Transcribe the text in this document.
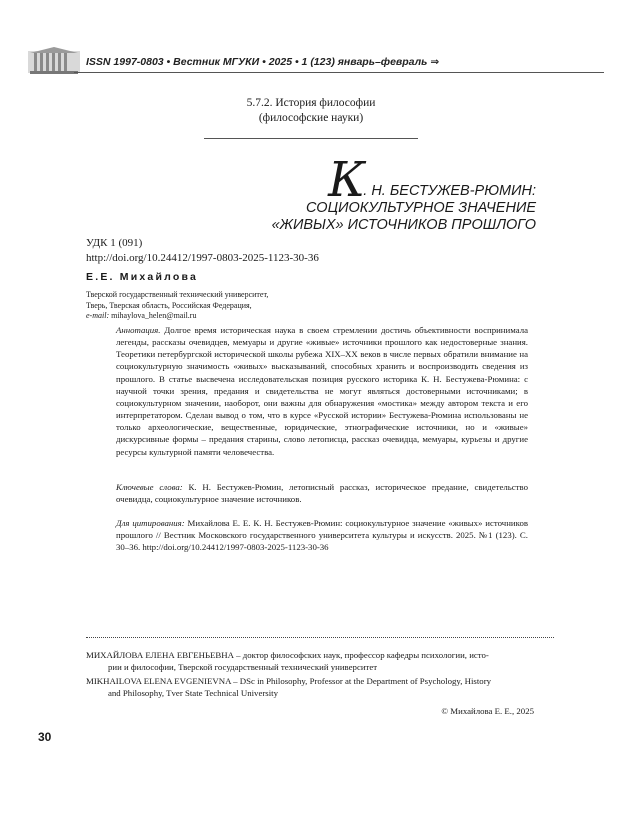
ISSN 1997-0803 • Вестник МГУКИ • 2025 • 1 (123) январь–февраль ⇒
5.7.2. История философии
(философские науки)
К. Н. БЕСТУЖЕВ-РЮМИН:
СОЦИОКУЛЬТУРНОЕ ЗНАЧЕНИЕ
«ЖИВЫХ» ИСТОЧНИКОВ ПРОШЛОГО
УДК 1 (091)
http://doi.org/10.24412/1997-0803-2025-1123-30-36
Е.Е. Михайлова
Тверской государственный технический университет,
Тверь, Тверская область, Российская Федерация,
e-mail: mihaylova_helen@mail.ru
Аннотация. Долгое время историческая наука в своем стремлении достичь объективности воспринимала легенды, рассказы очевидцев, мемуары и другие «живые» источники прошлого как недостоверные знания. Теоретики петербургской исторической школы рубежа XIX–XX веков в числе первых обратили внимание на социокультурную значимость «живых» высказываний, способных хранить и воспроизводить сведения из прошлого. В статье высвечена исследовательская позиция русского историка К. Н. Бестужева-Рюмина: с научной точки зрения, предания и свидетельства не могут являться достоверными источниками; в социокультурном значении, наоборот, они важны для обнаружения «мостика» между автором текста и его интерпретатором. Сделан вывод о том, что в курсе «Русской истории» Бестужева-Рюмина использованы не только археологические, вещественные, юридические, этнографические источники, но и «живые» дискурсивные формы – предания старины, слово летописца, рассказ очевидца, мемуары, курьезы и другие ресурсы культурной памяти человечества.
Ключевые слова: К. Н. Бестужев-Рюмин, летописный рассказ, историческое предание, свидетельство очевидца, социокультурное значение источников.
Для цитирования: Михайлова Е. Е. К. Н. Бестужев-Рюмин: социокультурное значение «живых» источников прошлого // Вестник Московского государственного университета культуры и искусств. 2025. №1 (123). С. 30–36. http://doi.org/10.24412/1997-0803-2025-1123-30-36
МИХАЙЛОВА ЕЛЕНА ЕВГЕНЬЕВНА – доктор философских наук, профессор кафедры психологии, исто-
рии и философии, Тверской государственный технический университет
MIKHAILOVA ELENA EVGENIEVNA – DSc in Philosophy, Professor at the Department of Psychology, History
and Philosophy, Tver State Technical University
© Михайлова Е. Е., 2025
30
